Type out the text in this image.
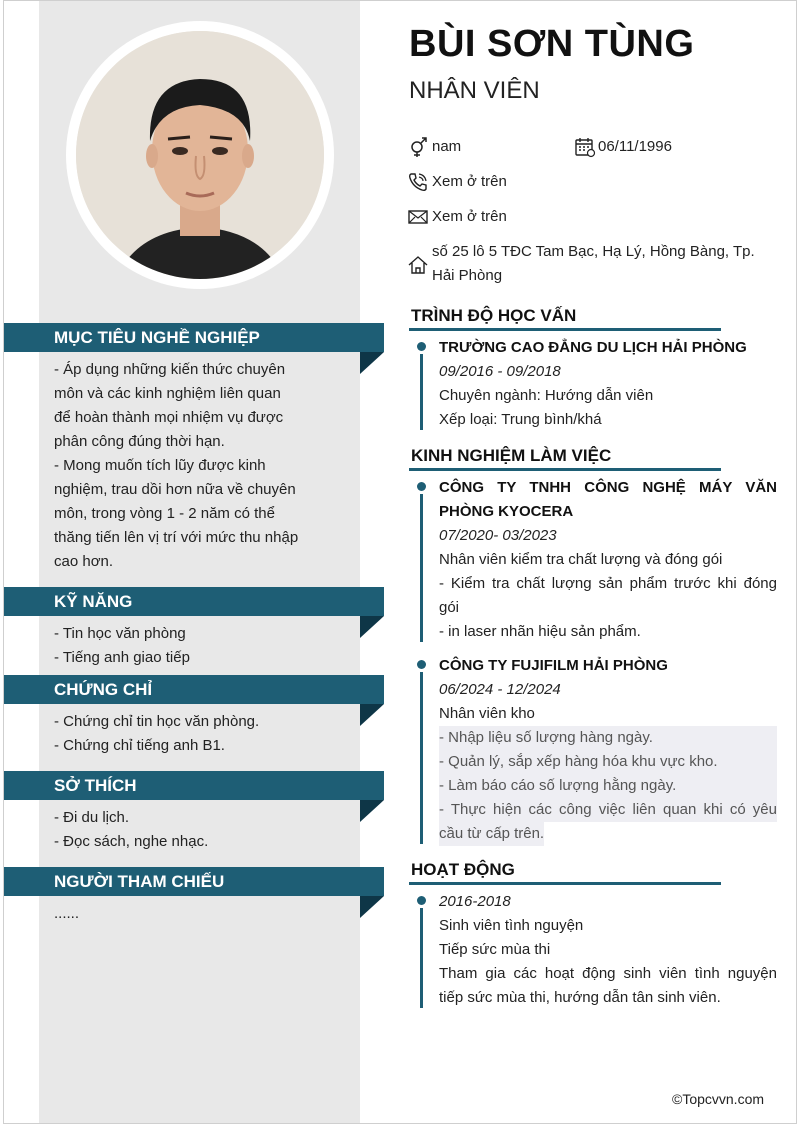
MỤC TIÊU NGHỀ NGHIỆP
- Áp dụng những kiến thức chuyên
môn và các kinh nghiệm liên quan
để hoàn thành mọi nhiệm vụ được
phân công đúng thời hạn.
- Mong muốn tích lũy được kinh
nghiệm, trau dồi hơn nữa về chuyên
môn, trong vòng 1 - 2 năm có thể
thăng tiến lên vị trí với mức thu nhập
cao hơn.
KỸ NĂNG
- Tin học văn phòng
- Tiếng anh giao tiếp
CHỨNG CHỈ
- Chứng chỉ tin học văn phòng.
- Chứng chỉ tiếng anh B1.
SỞ THÍCH
- Đi du lịch.
- Đọc sách, nghe nhạc.
NGƯỜI THAM CHIẾU
......
BÙI SƠN TÙNG
NHÂN VIÊN
nam	06/11/1996
Xem ở trên
Xem ở trên
số 25 lô 5 TĐC Tam Bạc, Hạ Lý, Hồng Bàng, Tp.
Hải Phòng
TRÌNH ĐỘ HỌC VẤN
TRƯỜNG CAO ĐẲNG DU LỊCH HẢI PHÒNG
09/2016 - 09/2018
Chuyên ngành: Hướng dẫn viên
Xếp loại: Trung bình/khá
KINH NGHIỆM LÀM VIỆC
CÔNG TY TNHH CÔNG NGHỆ MÁY VĂN
PHÒNG KYOCERA
07/2020- 03/2023
Nhân viên kiểm tra chất lượng và đóng gói
- Kiểm tra chất lượng sản phẩm trước khi đóng
gói
- in laser nhãn hiệu sản phẩm.
CÔNG TY FUJIFILM HẢI PHÒNG
06/2024 - 12/2024
Nhân viên kho
- Nhập liệu số lượng hàng ngày.
- Quản lý, sắp xếp hàng hóa khu vực kho.
- Làm báo cáo số lượng hằng ngày.
- Thực hiện các công việc liên quan khi có yêu
cầu từ cấp trên.
HOẠT ĐỘNG
2016-2018
Sinh viên tình nguyện
Tiếp sức mùa thi
Tham gia các hoạt động sinh viên tình nguyện
tiếp sức mùa thi, hướng dẫn tân sinh viên.
©Topcvvn.com
